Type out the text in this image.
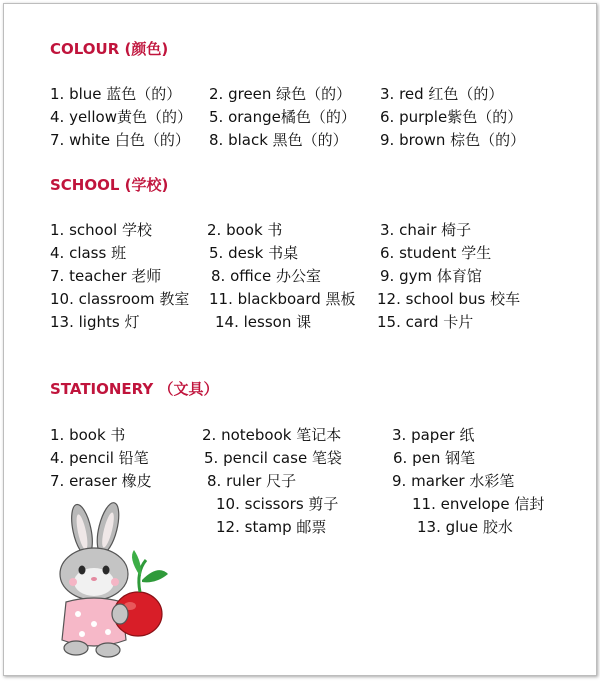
COLOUR (颜色)
1. blue 蓝色（的） 2. green 绿色（的） 3. red 红色（的）
4. yellow黄色（的） 5. orange橘色（的） 6. purple紫色（的）
7. white 白色（的） 8. black 黑色（的） 9. brown 棕色（的）
SCHOOL (学校)
1. school 学校	2. book 书	3. chair 椅子
4. class 班	5. desk 书桌	6. student 学生
7. teacher 老师	8. office 办公室	9. gym 体育馆
10. classroom 教室 11. blackboard 黑板 12. school bus 校车
13. lights 灯	14. lesson 课	15. card 卡片
STATIONERY （文具）
1. book 书	2. notebook 笔记本	3. paper 纸
4. pencil 铅笔	5. pencil case 笔袋	6. pen 钢笔
7. eraser 橡皮	8. ruler 尺子	9. marker 水彩笔
10. scissors 剪子	11. envelope 信封
12. stamp 邮票	13. glue 胶水
